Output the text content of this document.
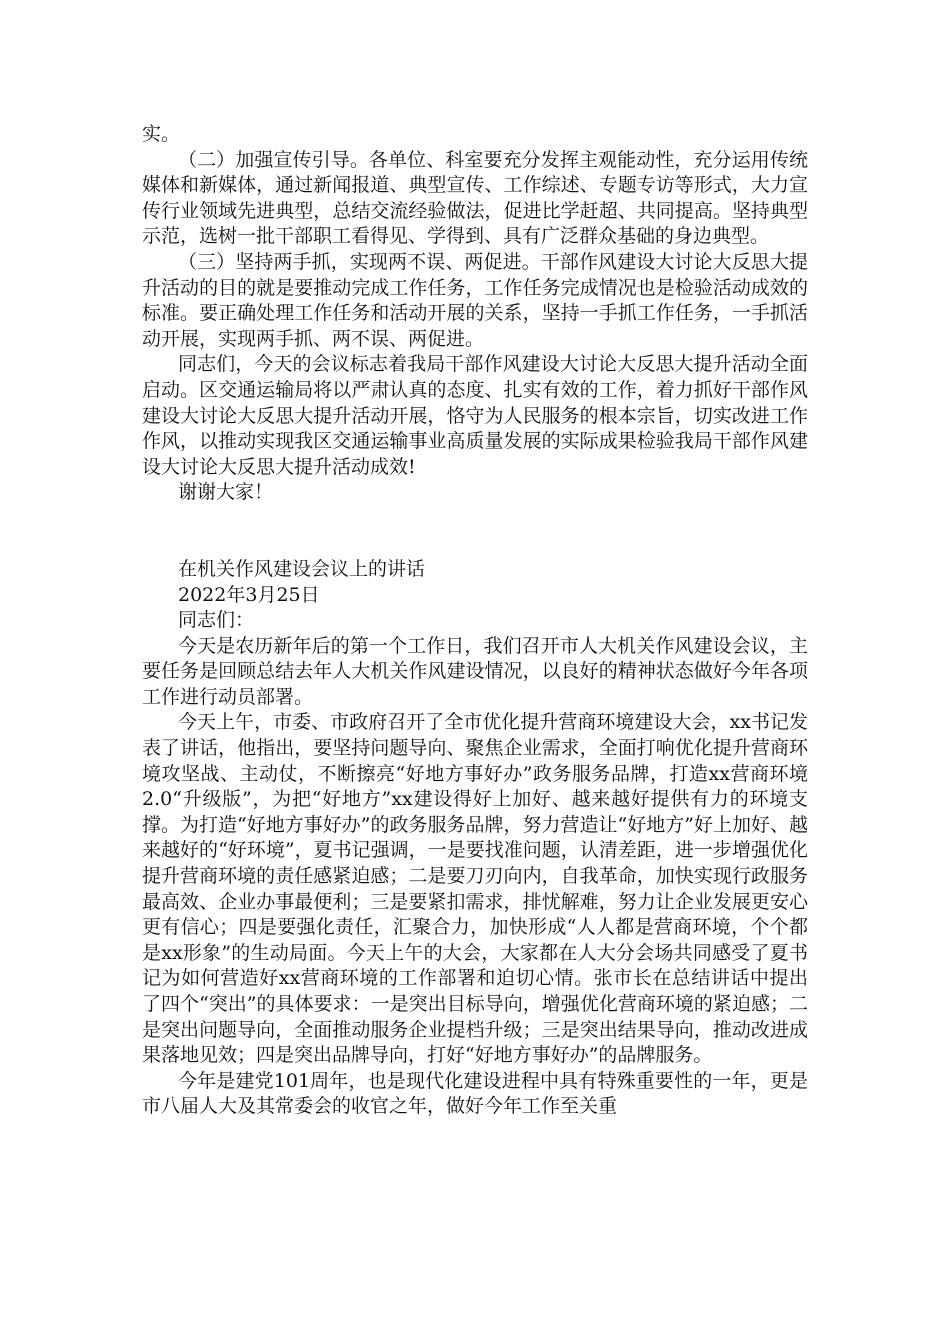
实。

（二）加强宣传引导。各单位、科室要充分发挥主观能动性，充分运用传统媒体和新媒体，通过新闻报道、典型宣传、工作综述、专题专访等形式，大力宣传行业领域先进典型，总结交流经验做法，促进比学赶超、共同提高。坚持典型示范，选树一批干部职工看得见、学得到、具有广泛群众基础的身边典型。

（三）坚持两手抓，实现两不误、两促进。干部作风建设大讨论大反思大提升活动的目的就是要推动完成工作任务，工作任务完成情况也是检验活动成效的标准。要正确处理工作任务和活动开展的关系，坚持一手抓工作任务，一手抓活动开展，实现两手抓、两不误、两促进。

同志们，今天的会议标志着我局干部作风建设大讨论大反思大提升活动全面启动。区交通运输局将以严肃认真的态度、扎实有效的工作，着力抓好干部作风建设大讨论大反思大提升活动开展，恪守为人民服务的根本宗旨，切实改进工作作风，以推动实现我区交通运输事业高质量发展的实际成果检验我局干部作风建设大讨论大反思大提升活动成效!

谢谢大家！

在机关作风建设会议上的讲话

2022年3月25日

同志们：

今天是农历新年后的第一个工作日，我们召开市人大机关作风建设会议，主要任务是回顾总结去年人大机关作风建设情况，以良好的精神状态做好今年各项工作进行动员部署。

今天上午，市委、市政府召开了全市优化提升营商环境建设大会，xx书记发表了讲话，他指出，要坚持问题导向、聚焦企业需求，全面打响优化提升营商环境攻坚战、主动仗，不断擦亮“好地方事好办”政务服务品牌，打造xx营商环境2.0“升级版”，为把“好地方”xx建设得好上加好、越来越好提供有力的环境支撑。为打造“好地方事好办”的政务服务品牌，努力营造让“好地方”好上加好、越来越好的“好环境”，夏书记强调，一是要找准问题，认清差距，进一步增强优化提升营商环境的责任感紧迫感；二是要刀刃向内，自我革命，加快实现行政服务最高效、企业办事最便利；三是要紧扣需求，排忧解难，努力让企业发展更安心更有信心；四是要强化责任，汇聚合力，加快形成“人人都是营商环境，个个都是xx形象”的生动局面。今天上午的大会，大家都在人大分会场共同感受了夏书记为如何营造好xx营商环境的工作部署和迫切心情。张市长在总结讲话中提出了四个“突出”的具体要求：一是突出目标导向，增强优化营商环境的紧迫感；二是突出问题导向，全面推动服务企业提档升级；三是突出结果导向，推动改进成果落地见效；四是突出品牌导向，打好“好地方事好办”的品牌服务。

今年是建党101周年，也是现代化建设进程中具有特殊重要性的一年，更是市八届人大及其常委会的收官之年，做好今年工作至关重
